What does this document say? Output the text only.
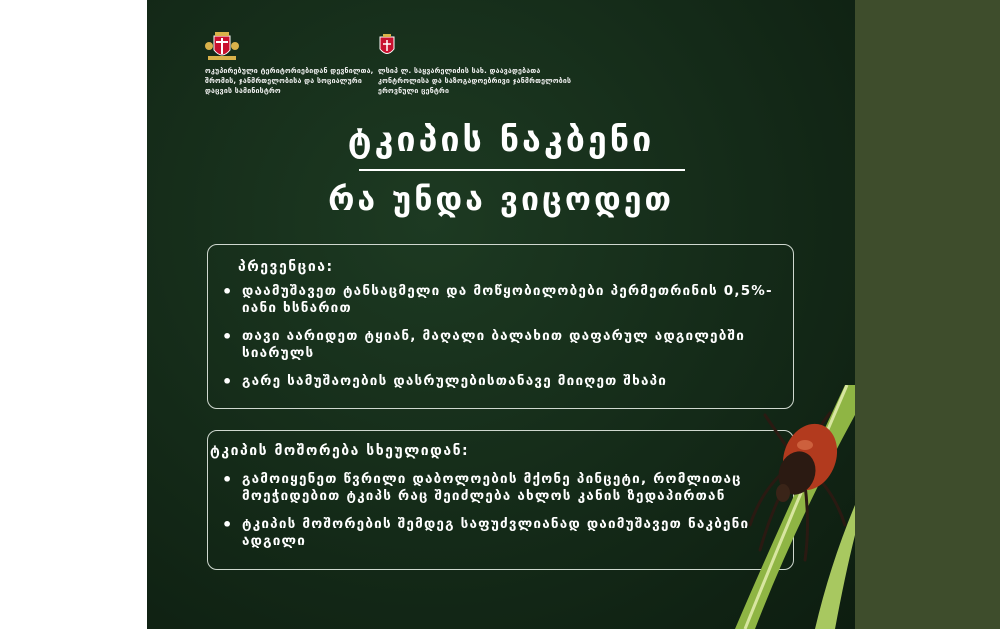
ოკუპირებული ტერიტორიებიდან დევნილთა, შრომის, ჯანმრთელობისა და სოციალური დაცვის სამინისტრო
ლსიპ ლ. საყვარელიძის სახ. დაავადებათა კონტროლისა და საზოგადოებრივი ჯანმრთელობის ეროვნული ცენტრი
ტკიპის ნაკბენი
რა უნდა ვიცოდეთ
პრევენცია:
• დაამუშავეთ ტანსაცმელი და მოწყობილობები პერმეთრინის 0,5%-იანი ხსნარით
• თავი აარიდეთ ტყიან, მაღალი ბალახით დაფარულ ადგილებში სიარულს
• გარე სამუშაოების დასრულებისთანავე მიიღეთ შხაპი
ტკიპის მოშორება სხეულიდან:
• გამოიყენეთ წვრილი დაბოლოების მქონე პინცეტი, რომლითაც მოეჭიდებით ტკიპს რაც შეიძლება ახლოს კანის ზედაპირთან
• ტკიპის მოშორების შემდეგ საფუძვლიანად დაიმუშავეთ ნაკბენი ადგილი
